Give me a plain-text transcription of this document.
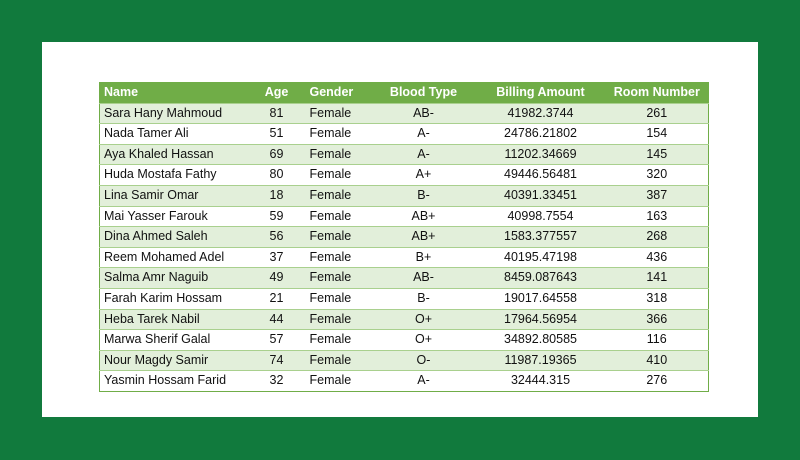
Name	Age	Gender	Blood Type	Billing Amount	Room Number
Sara Hany Mahmoud	81	Female	AB-	41982.3744	261
Nada Tamer Ali	51	Female	A-	24786.21802	154
Aya Khaled Hassan	69	Female	A-	11202.34669	145
Huda Mostafa Fathy	80	Female	A+	49446.56481	320
Lina Samir Omar	18	Female	B-	40391.33451	387
Mai Yasser Farouk	59	Female	AB+	40998.7554	163
Dina Ahmed Saleh	56	Female	AB+	1583.377557	268
Reem Mohamed Adel	37	Female	B+	40195.47198	436
Salma Amr Naguib	49	Female	AB-	8459.087643	141
Farah Karim Hossam	21	Female	B-	19017.64558	318
Heba Tarek Nabil	44	Female	O+	17964.56954	366
Marwa Sherif Galal	57	Female	O+	34892.80585	116
Nour Magdy Samir	74	Female	O-	11987.19365	410
Yasmin Hossam Farid	32	Female	A-	32444.315	276
